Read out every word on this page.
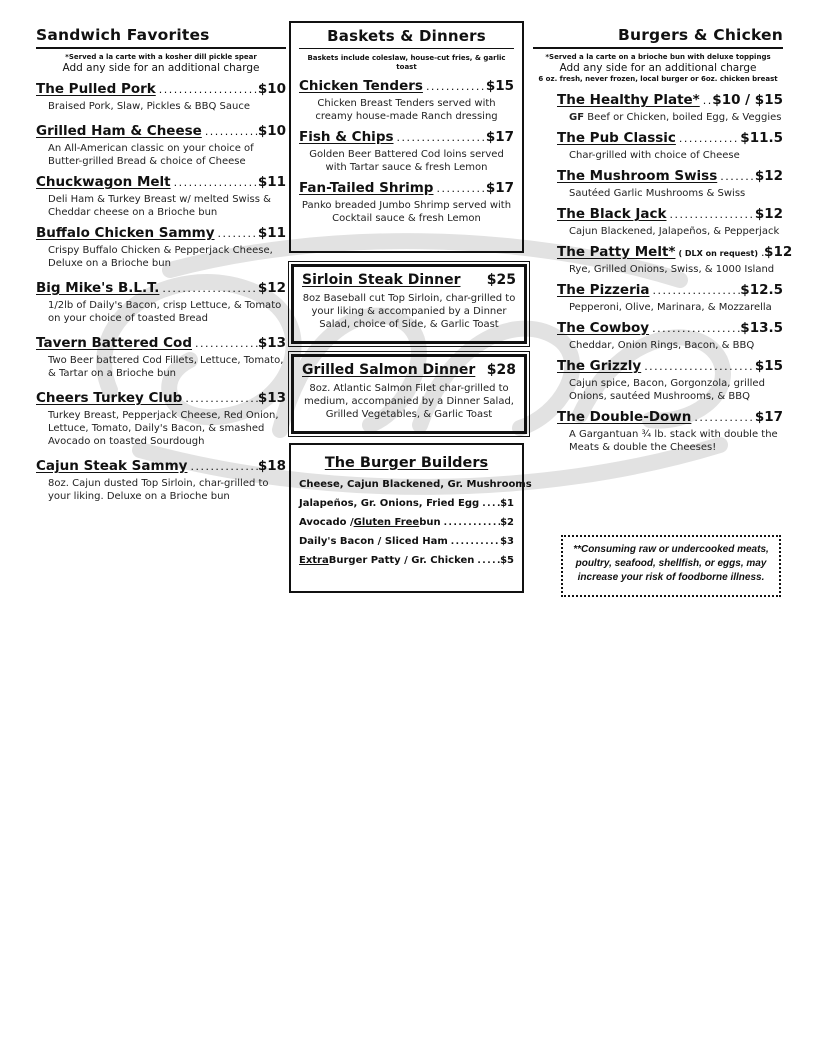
Sandwich Favorites
*Served a la carte with a kosher dill pickle spear
Add any side for an additional charge
The Pulled Pork .....	$10
Braised Pork, Slaw, Pickles & BBQ Sauce
Grilled Ham & Cheese .....	$10
An All-American classic on your choice of Butter-grilled Bread & choice of Cheese
Chuckwagon Melt .....	$11
Deli Ham & Turkey Breast w/ melted Swiss & Cheddar cheese on a Brioche bun
Buffalo Chicken Sammy .....	$11
Crispy Buffalo Chicken & Pepperjack Cheese, Deluxe on a Brioche bun
Big Mike's B.L.T. .....	$12
1/2lb of Daily's Bacon, crisp Lettuce, & Tomato on your choice of toasted Bread
Tavern Battered Cod .....	$13
Two Beer battered Cod Fillets, Lettuce, Tomato, & Tartar on a Brioche bun
Cheers Turkey Club .....	$13
Turkey Breast, Pepperjack Cheese, Red Onion, Lettuce, Tomato, Daily's Bacon, & smashed Avocado on toasted Sourdough
Cajun Steak Sammy .....	$18
8oz. Cajun dusted Top Sirloin, char-grilled to your liking. Deluxe on a Brioche bun
Baskets & Dinners
Baskets include coleslaw, house-cut fries, & garlic toast
Chicken Tenders .....	$15
Chicken Breast Tenders served with creamy house-made Ranch dressing
Fish & Chips .....	$17
Golden Beer Battered Cod loins served with Tartar sauce & fresh Lemon
Fan-Tailed Shrimp .....	$17
Panko breaded Jumbo Shrimp served with Cocktail sauce & fresh Lemon
Sirloin Steak Dinner $25
8oz Baseball cut Top Sirloin, char-grilled to your liking & accompanied by a Dinner Salad, choice of Side, & Garlic Toast
Grilled Salmon Dinner $28
8oz. Atlantic Salmon Filet char-grilled to medium, accompanied by a Dinner Salad, Grilled Vegetables, & Garlic Toast
The Burger Builders
Cheese, Cajun Blackened, Gr. Mushrooms
Jalapeños, Gr. Onions, Fried Egg ..... $1
Avocado / Gluten Free bun .....	$2
Daily's Bacon / Sliced Ham .....	$3
Extra Burger Patty / Gr. Chicken .....	$5
Burgers & Chicken
*Served a la carte on a brioche bun with deluxe toppings
Add any side for an additional charge
6 oz. fresh, never frozen, local burger or 6oz. chicken breast
The Healthy Plate* ..... $10 / $15
GF Beef or Chicken, boiled Egg, & Veggies
The Pub Classic .....	$11.5
Char-grilled with choice of Cheese
The Mushroom Swiss .....	$12
Sautéed Garlic Mushrooms & Swiss
The Black Jack .....	$12
Cajun Blackened, Jalapeños, & Pepperjack
The Patty Melt* ( DLX on request) ..... $12
Rye, Grilled Onions, Swiss, & 1000 Island
The Pizzeria .....	$12.5
Pepperoni, Olive, Marinara, & Mozzarella
The Cowboy .....	$13.5
Cheddar, Onion Rings, Bacon, & BBQ
The Grizzly .....	$15
Cajun spice, Bacon, Gorgonzola, grilled Onions, sautéed Mushrooms, & BBQ
The Double-Down .....	$17
A Gargantuan ¾ lb. stack with double the Meats & double the Cheeses!
**Consuming raw or undercooked meats, poultry, seafood, shellfish, or eggs, may increase your risk of foodborne illness.
